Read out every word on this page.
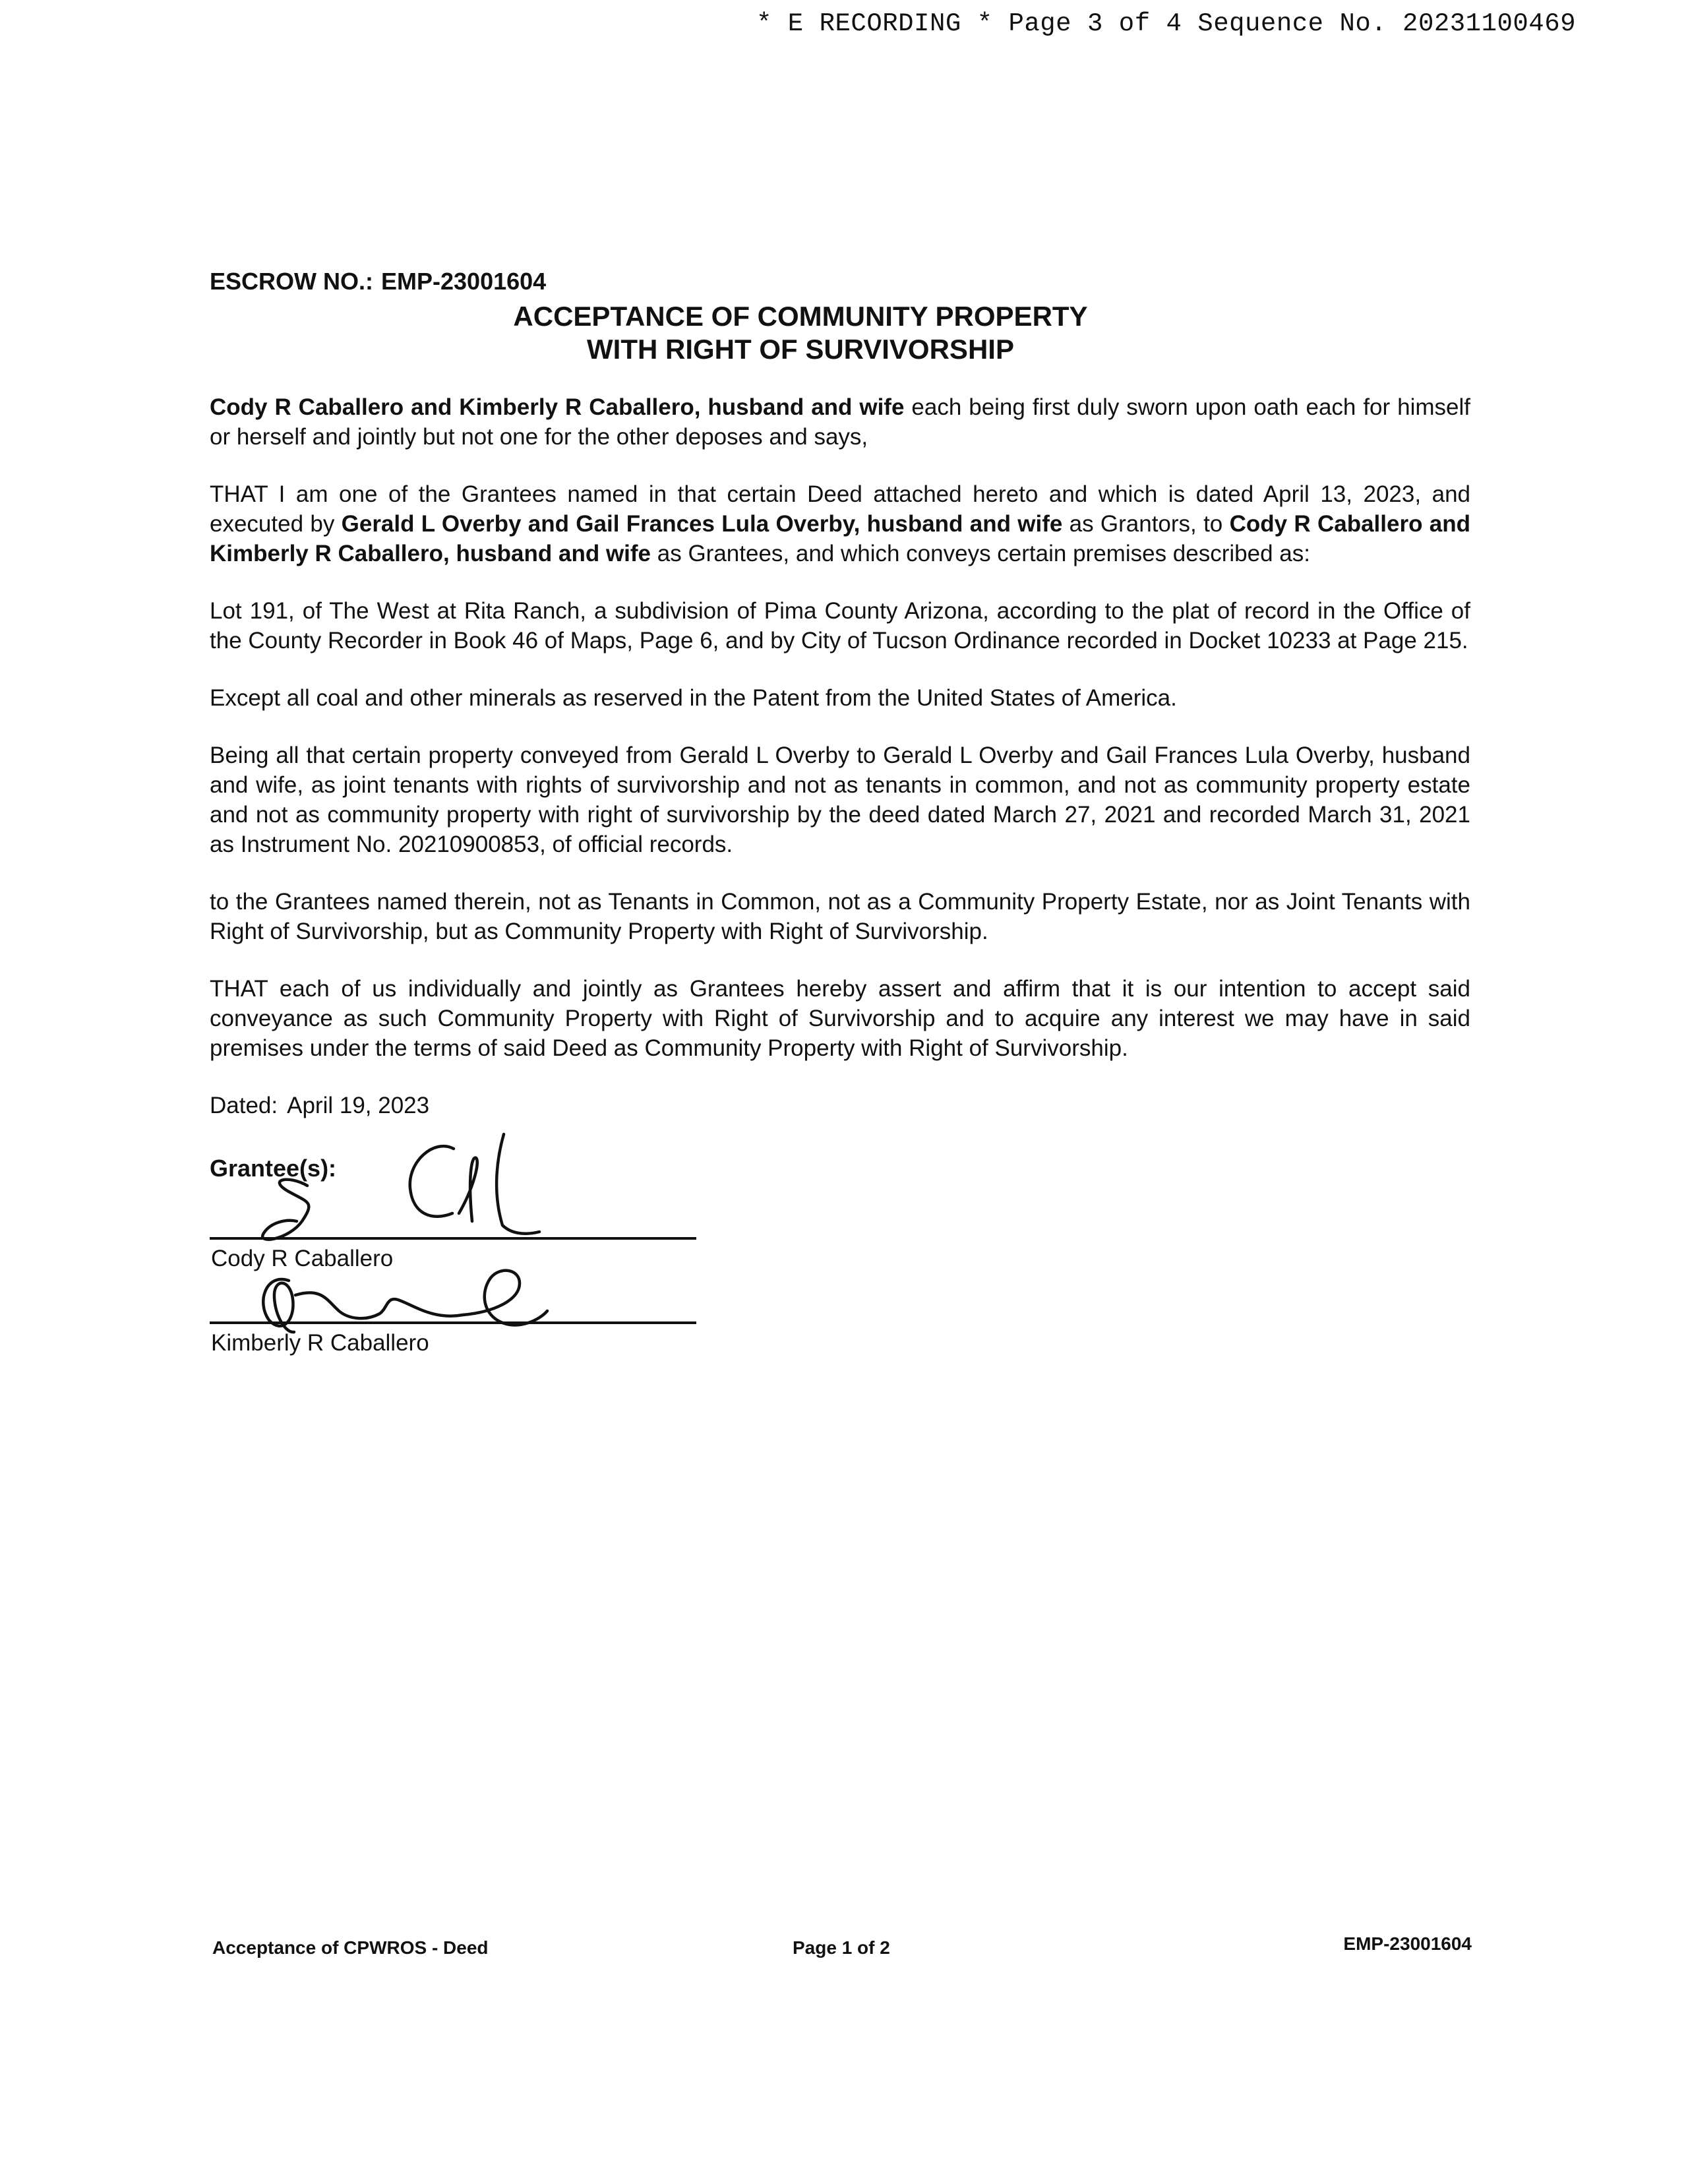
* E RECORDING * Page 3 of 4 Sequence No. 20231100469
ESCROW NO.: EMP-23001604
ACCEPTANCE OF COMMUNITY PROPERTY
WITH RIGHT OF SURVIVORSHIP

Cody R Caballero and Kimberly R Caballero, husband and wife each being first duly sworn upon oath each for himself or herself and jointly but not one for the other deposes and says,

THAT I am one of the Grantees named in that certain Deed attached hereto and which is dated April 13, 2023, and executed by Gerald L Overby and Gail Frances Lula Overby, husband and wife as Grantors, to Cody R Caballero and Kimberly R Caballero, husband and wife as Grantees, and which conveys certain premises described as:

Lot 191, of The West at Rita Ranch, a subdivision of Pima County Arizona, according to the plat of record in the Office of the County Recorder in Book 46 of Maps, Page 6, and by City of Tucson Ordinance recorded in Docket 10233 at Page 215.

Except all coal and other minerals as reserved in the Patent from the United States of America.

Being all that certain property conveyed from Gerald L Overby to Gerald L Overby and Gail Frances Lula Overby, husband and wife, as joint tenants with rights of survivorship and not as tenants in common, and not as community property estate and not as community property with right of survivorship by the deed dated March 27, 2021 and recorded March 31, 2021 as Instrument No. 20210900853, of official records.

to the Grantees named therein, not as Tenants in Common, not as a Community Property Estate, nor as Joint Tenants with Right of Survivorship, but as Community Property with Right of Survivorship.

THAT each of us individually and jointly as Grantees hereby assert and affirm that it is our intention to accept said conveyance as such Community Property with Right of Survivorship and to acquire any interest we may have in said premises under the terms of said Deed as Community Property with Right of Survivorship.

Dated: April 19, 2023
Grantee(s):
Cody R Caballero
Kimberly R Caballero
Acceptance of CPWROS - Deed	Page 1 of 2	EMP-23001604
